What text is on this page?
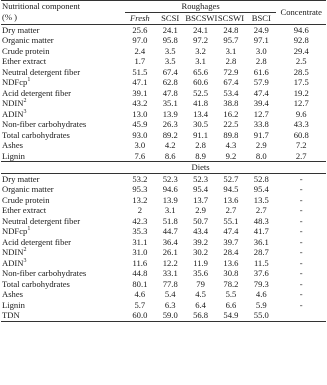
Nutritional component	Roughages					Concentrate
(% )	Fresh	SCSI	BSCSWI	SCSWI	BSCI	
Dry matter	25.6	24.1	24.1	24.8	24.9	94.6
Organic matter	97.0	95.8	97.2	95.7	97.1	92.8
Crude protein	2.4	3.5	3.2	3.1	3.0	29.4
Ether extract	1.7	3.5	3.1	2.8	2.8	2.5
Neutral detergent fiber	51.5	67.4	65.6	72.9	61.6	28.5
NDFcp$^1$	47.1	62.8	60.6	67.4	57.9	17.5
Acid detergent fiber	39.1	47.8	52.5	53.4	47.4	19.2
NDIN$^2$	43.2	35.1	41.8	38.8	39.4	12.7
ADIN$^3$	13.0	13.9	13.4	16.2	12.7	9.6
Non-fiber carbohydrates	45.9	26.3	30.5	22.5	33.8	43.3
Total carbohydrates	93.0	89.2	91.1	89.8	91.7	60.8
Ashes	3.0	4.2	2.8	4.3	2.9	7.2
Lignin	7.6	8.6	8.9	9.2	8.0	2.7
	Diets					
Dry matter	53.2	52.3	52.3	52.7	52.8	-
Organic matter	95.3	94.6	95.4	94.5	95.4	-
Crude protein	13.2	13.9	13.7	13.6	13.5	-
Ether extract	2	3.1	2.9	2.7	2.7	-
Neutral detergent fiber	42.3	51.8	50.7	55.1	48.3	-
NDFcp$^1$	35.3	44.7	43.4	47.4	41.7	-
Acid detergent fiber	31.1	36.4	39.2	39.7	36.1	-
NDIN$^2$	31.0	26.1	30.2	28.4	28.7	-
ADIN$^3$	11.6	12.2	11.9	13.6	11.5	-
Non-fiber carbohydrates	44.8	33.1	35.6	30.8	37.6	-
Total carbohydrates	80.1	77.8	79	78.2	79.3	-
Ashes	4.6	5.4	4.5	5.5	4.6	-
Lignin	5.7	6.3	6.4	6.6	5.9	-
TDN	60.0	59.0	56.8	54.9	55.0	
